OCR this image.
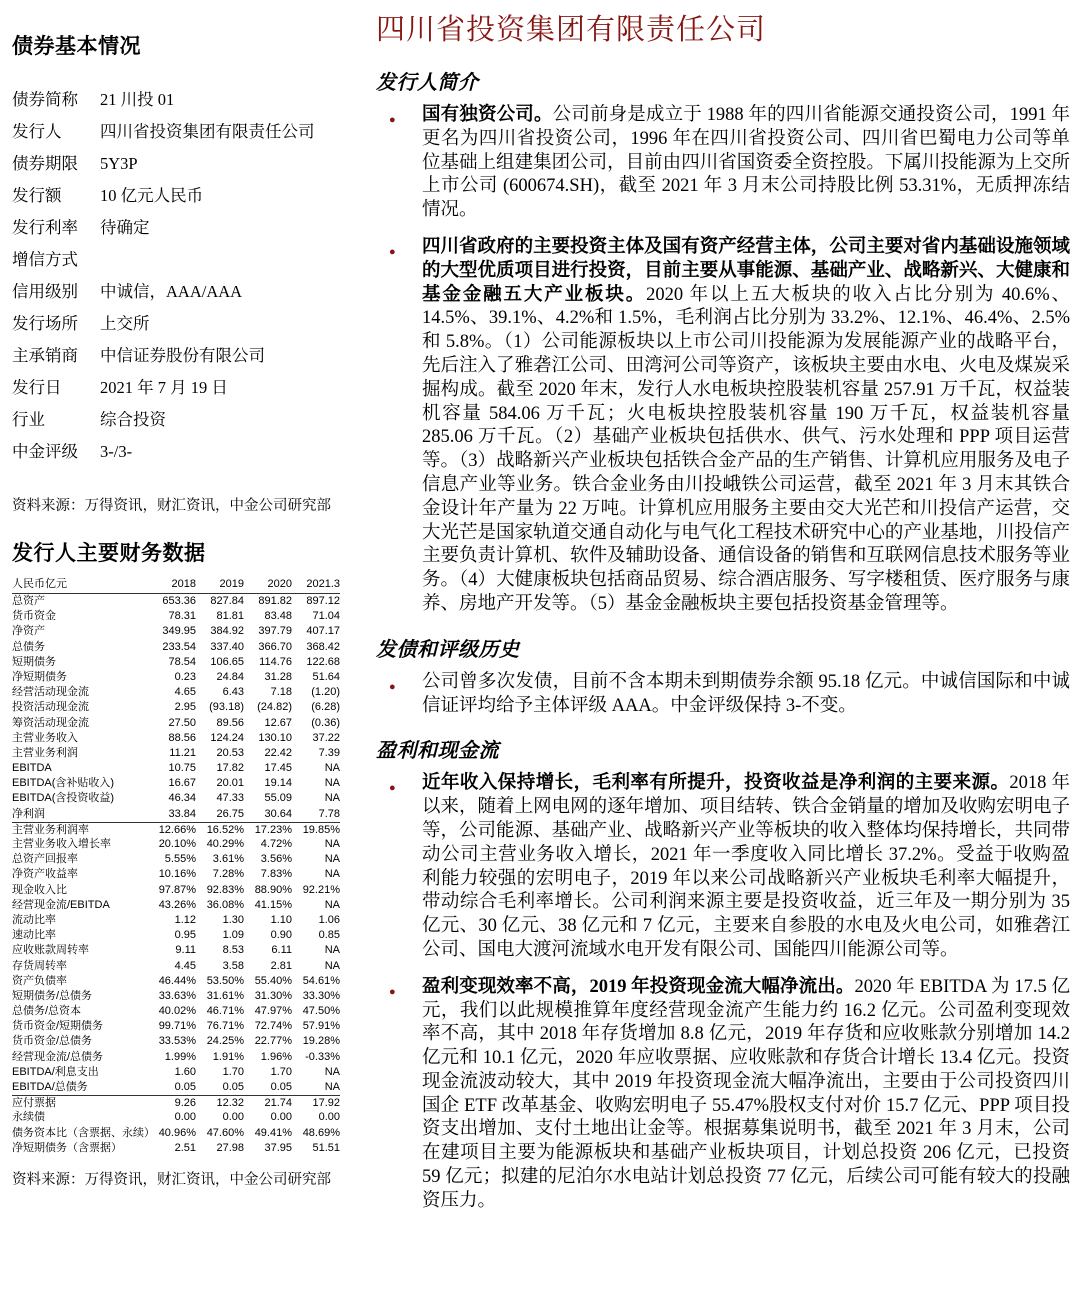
债券基本情况
债券简称	21 川投 01
发行人	四川省投资集团有限责任公司
债券期限	5Y3P
发行额	10 亿元人民币
发行利率	待确定
增信方式
信用级别	中诚信，AAA/AAA
发行场所	上交所
主承销商	中信证券股份有限公司
发行日	2021 年 7 月 19 日
行业	综合投资
中金评级	3-/3-
资料来源：万得资讯，财汇资讯，中金公司研究部
发行人主要财务数据
人民币亿元	2018	2019	2020	2021.3
总资产	653.36	827.84	891.82	897.12
货币资金	78.31	81.81	83.48	71.04
净资产	349.95	384.92	397.79	407.17
总债务	233.54	337.40	366.70	368.42
短期债务	78.54	106.65	114.76	122.68
净短期债务	0.23	24.84	31.28	51.64
经营活动现金流	4.65	6.43	7.18	(1.20)
投资活动现金流	2.95	(93.18)	(24.82)	(6.28)
筹资活动现金流	27.50	89.56	12.67	(0.36)
主营业务收入	88.56	124.24	130.10	37.22
主营业务利润	11.21	20.53	22.42	7.39
EBITDA	10.75	17.82	17.45	NA
EBITDA(含补贴收入)	16.67	20.01	19.14	NA
EBITDA(含投资收益)	46.34	47.33	55.09	NA
净利润	33.84	26.75	30.64	7.78
主营业务利润率	12.66% 16.52% 17.23% 19.85%
主营业务收入增长率	20.10% 40.29%	4.72%	NA
总资产回报率	5.55%	3.61%	3.56%	NA
净资产收益率	10.16%	7.28%	7.83%	NA
现金收入比	97.87% 92.83% 88.90% 92.21%
经营现金流/EBITDA	43.26% 36.08% 41.15%	NA
流动比率	1.12	1.30	1.10	1.06
速动比率	0.95	1.09	0.90	0.85
应收账款周转率	9.11	8.53	6.11	NA
存货周转率	4.45	3.58	2.81	NA
资产负债率	46.44% 53.50% 55.40% 54.61%
短期债务/总债务	33.63% 31.61% 31.30% 33.30%
总债务/总资本	40.02% 46.71% 47.97% 47.50%
货币资金/短期债务	99.71% 76.71% 72.74% 57.91%
货币资金/总债务	33.53% 24.25% 22.77% 19.28%
经营现金流/总债务	1.99%	1.91%	1.96%	-0.33%
EBITDA/利息支出	1.60	1.70	1.70	NA
EBITDA/总债务	0.05	0.05	0.05	NA
应付票据	9.26	12.32	21.74	17.92
永续债	0.00	0.00	0.00	0.00
债务资本比（含票据、永续） 40.96% 47.60% 49.41% 48.69%
净短期债务（含票据）	2.51	27.98	37.95	51.51
资料来源：万得资讯，财汇资讯，中金公司研究部
四川省投资集团有限责任公司
发行人简介
● 国有独资公司。公司前身是成立于 1988 年的四川省能源交通投资公司，1991 年更名为四川省投资公司，1996 年在四川省投资公司、四川省巴蜀电力公司等单位基础上组建集团公司，目前由四川省国资委全资控股。下属川投能源为上交所上市公司 (600674.SH)，截至 2021 年 3 月末公司持股比例 53.31%，无质押冻结情况。
● 四川省政府的主要投资主体及国有资产经营主体，公司主要对省内基础设施领域的大型优质项目进行投资，目前主要从事能源、基础产业、战略新兴、大健康和基金金融五大产业板块。2020 年以上五大板块的收入占比分别为 40.6%、14.5%、39.1%、4.2%和 1.5%，毛利润占比分别为 33.2%、12.1%、46.4%、2.5%和 5.8%。（1）公司能源板块以上市公司川投能源为发展能源产业的战略平台，先后注入了雅砻江公司、田湾河公司等资产，该板块主要由水电、火电及煤炭采掘构成。截至 2020 年末，发行人水电板块控股装机容量 257.91 万千瓦，权益装机容量 584.06 万千瓦；火电板块控股装机容量 190 万千瓦，权益装机容量 285.06 万千瓦。（2）基础产业板块包括供水、供气、污水处理和 PPP 项目运营等。（3）战略新兴产业板块包括铁合金产品的生产销售、计算机应用服务及电子信息产业等业务。铁合金业务由川投峨铁公司运营，截至 2021 年 3 月末其铁合金设计年产量为 22 万吨。计算机应用服务主要由交大光芒和川投信产运营，交大光芒是国家轨道交通自动化与电气化工程技术研究中心的产业基地，川投信产主要负责计算机、软件及辅助设备、通信设备的销售和互联网信息技术服务等业务。（4）大健康板块包括商品贸易、综合酒店服务、写字楼租赁、医疗服务与康养、房地产开发等。（5）基金金融板块主要包括投资基金管理等。
发债和评级历史
● 公司曾多次发债，目前不含本期未到期债券余额 95.18 亿元。中诚信国际和中诚信证评均给予主体评级 AAA。中金评级保持 3-不变。
盈利和现金流
● 近年收入保持增长，毛利率有所提升，投资收益是净利润的主要来源。2018 年以来，随着上网电网的逐年增加、项目结转、铁合金销量的增加及收购宏明电子等，公司能源、基础产业、战略新兴产业等板块的收入整体均保持增长，共同带动公司主营业务收入增长，2021 年一季度收入同比增长 37.2%。受益于收购盈利能力较强的宏明电子，2019 年以来公司战略新兴产业板块毛利率大幅提升，带动综合毛利率增长。公司利润来源主要是投资收益，近三年及一期分别为 35 亿元、30 亿元、38 亿元和 7 亿元，主要来自参股的水电及火电公司，如雅砻江公司、国电大渡河流域水电开发有限公司、国能四川能源公司等。
● 盈利变现效率不高，2019 年投资现金流大幅净流出。2020 年 EBITDA 为 17.5 亿元，我们以此规模推算年度经营现金流产生能力约 16.2 亿元。公司盈利变现效率不高，其中 2018 年存货增加 8.8 亿元，2019 年存货和应收账款分别增加 14.2 亿元和 10.1 亿元，2020 年应收票据、应收账款和存货合计增长 13.4 亿元。投资现金流波动较大，其中 2019 年投资现金流大幅净流出，主要由于公司投资四川国企 ETF 改革基金、收购宏明电子 55.47%股权支付对价 15.7 亿元、PPP 项目投资支出增加、支付土地出让金等。根据募集说明书，截至 2021 年 3 月末，公司在建项目主要为能源板块和基础产业板块项目，计划总投资 206 亿元，已投资 59 亿元；拟建的尼泊尔水电站计划总投资 77 亿元，后续公司可能有较大的投融资压力。
